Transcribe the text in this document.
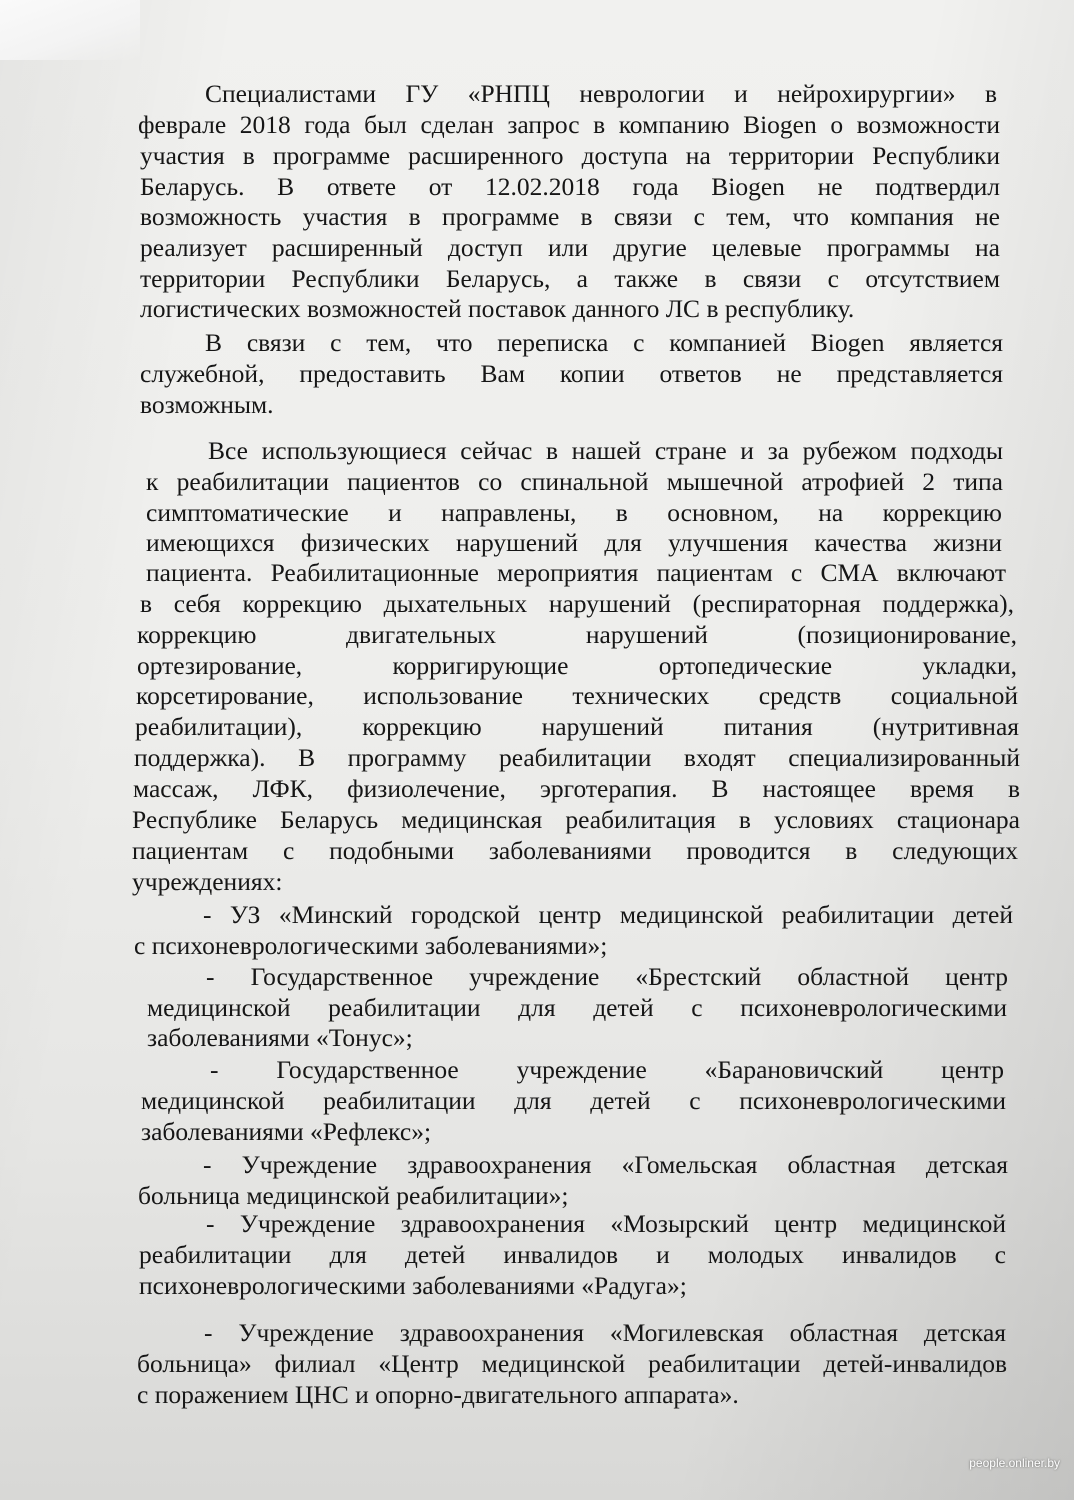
Специалистами ГУ «РНПЦ неврологии и нейрохирургии» в
феврале 2018 года был сделан запрос в компанию Biogen о возможности
участия в программе расширенного доступа на территории Республики
Беларусь. В ответе от 12.02.2018 года Biogen не подтвердил
возможность участия в программе в связи с тем, что компания не
реализует расширенный доступ или другие целевые программы на
территории Республики Беларусь, а также в связи с отсутствием
логистических возможностей поставок данного ЛС в республику.
В связи с тем, что переписка с компанией Biogen является
служебной, предоставить Вам копии ответов не представляется
возможным.
Все использующиеся сейчас в нашей стране и за рубежом подходы
к реабилитации пациентов со спинальной мышечной атрофией 2 типа
симптоматические и направлены, в основном, на коррекцию
имеющихся физических нарушений для улучшения качества жизни
пациента. Реабилитационные мероприятия пациентам с СМА включают
в себя коррекцию дыхательных нарушений (респираторная поддержка),
коррекцию двигательных нарушений (позиционирование,
ортезирование, корригирующие ортопедические укладки,
корсетирование, использование технических средств социальной
реабилитации), коррекцию нарушений питания (нутритивная
поддержка). В программу реабилитации входят специализированный
массаж, ЛФК, физиолечение, эрготерапия. В настоящее время в
Республике Беларусь медицинская реабилитация в условиях стационара
пациентам с подобными заболеваниями проводится в следующих
учреждениях:
- УЗ «Минский городской центр медицинской реабилитации детей
с психоневрологическими заболеваниями»;
- Государственное учреждение «Брестский областной центр
медицинской реабилитации для детей с психоневрологическими
заболеваниями «Тонус»;
- Государственное учреждение «Барановичский центр
медицинской реабилитации для детей с психоневрологическими
заболеваниями «Рефлекс»;
- Учреждение здравоохранения «Гомельская областная детская
больница медицинской реабилитации»;
- Учреждение здравоохранения «Мозырский центр медицинской
реабилитации для детей инвалидов и молодых инвалидов с
психоневрологическими заболеваниями «Радуга»;
- Учреждение здравоохранения «Могилевская областная детская
больница» филиал «Центр медицинской реабилитации детей-инвалидов
с поражением ЦНС и опорно-двигательного аппарата».
people.onliner.by
